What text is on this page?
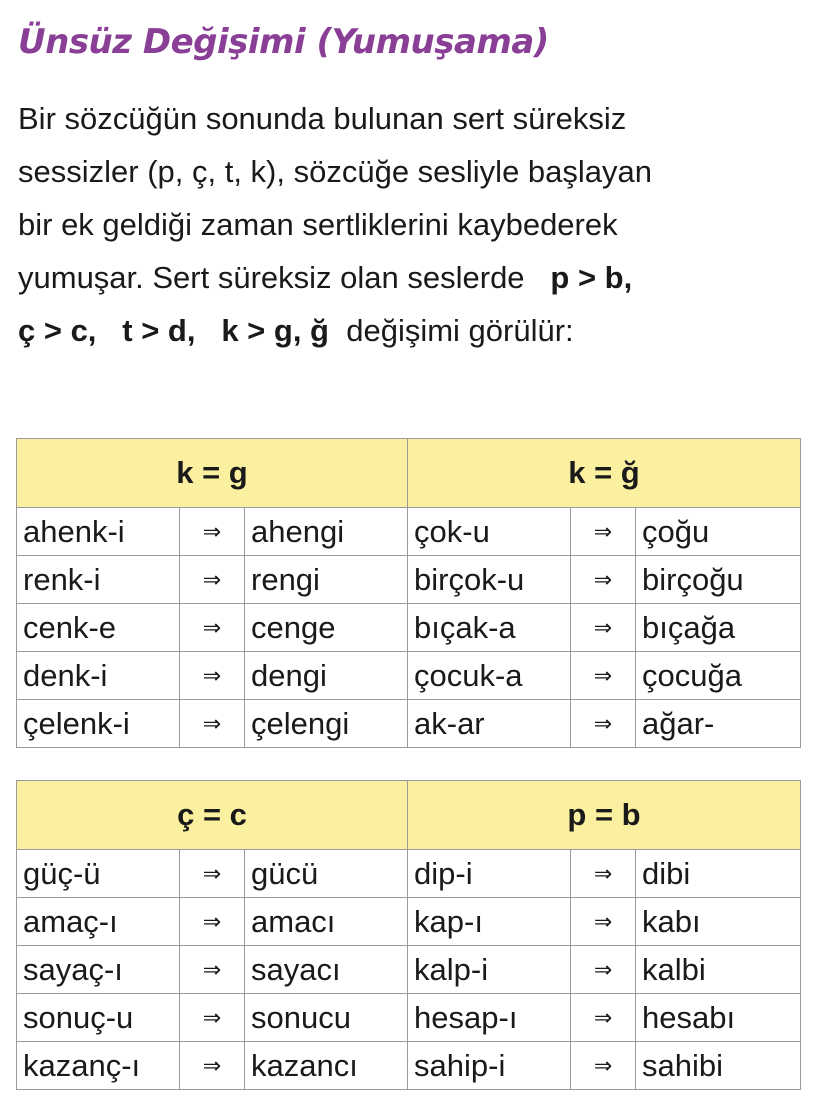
Ünsüz Değişimi (Yumuşama)

Bir sözcüğün sonunda bulunan sert süreksiz
sessizler (p, ç, t, k), sözcüğe sesliyle başlayan
bir ek geldiği zaman sertliklerini kaybederek
yumuşar. Sert süreksiz olan seslerde p > b,
ç > c, t > d, k > g, ğ değişimi görülür:

k = g			k = ğ		
ahenk-i	⇒	ahengi	çok-u	⇒	çoğu
renk-i	⇒	rengi	birçok-u	⇒	birçoğu
cenk-e	⇒	cenge	bıçak-a	⇒	bıçağa
denk-i	⇒	dengi	çocuk-a	⇒	çocuğa
çelenk-i	⇒	çelengi	ak-ar	⇒	ağar-
ç = c			p = b		
güç-ü	⇒	gücü	dip-i	⇒	dibi
amaç-ı	⇒	amacı	kap-ı	⇒	kabı
sayaç-ı	⇒	sayacı	kalp-i	⇒	kalbi
sonuç-u	⇒	sonucu	hesap-ı	⇒	hesabı
kazanç-ı	⇒	kazancı	sahip-i	⇒	sahibi
